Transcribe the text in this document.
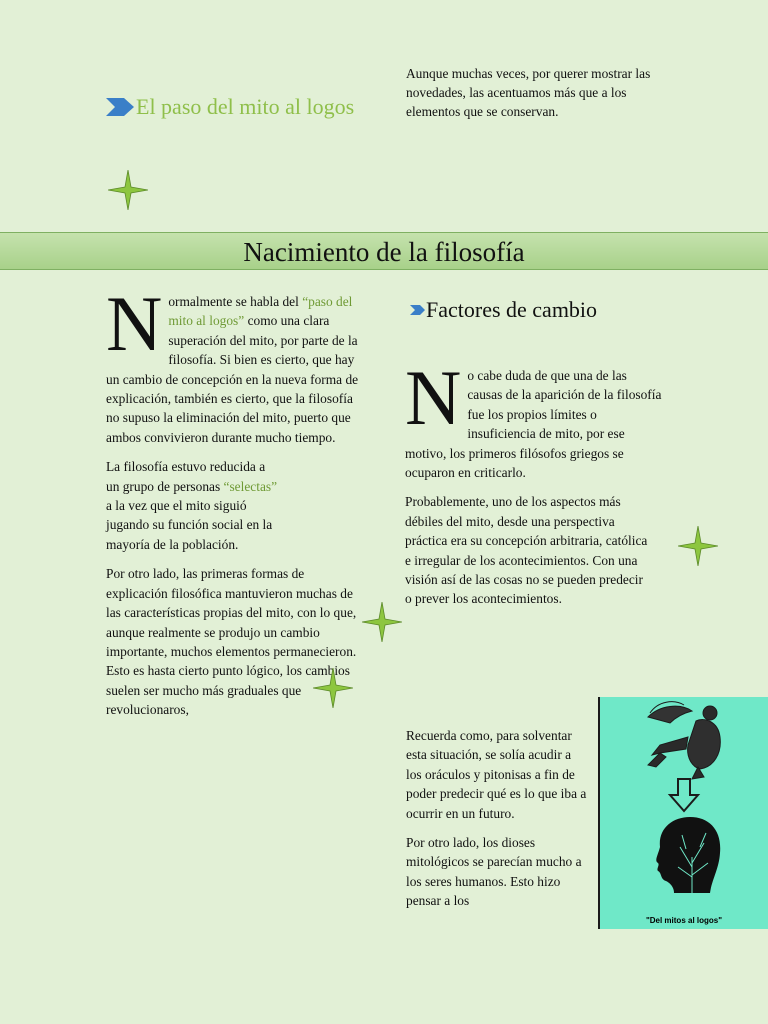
El paso del mito al logos

Aunque muchas veces, por querer mostrar las novedades, las acentuamos más que a los elementos que se conservan.

Nacimiento de la filosofía

Normalmente se habla del “paso del mito al logos” como una clara superación del mito, por parte de la filosofía. Si bien es cierto, que hay un cambio de concepción en la nueva forma de explicación, también es cierto, que la filosofía no supuso la eliminación del mito, puerto que ambos convivieron durante mucho tiempo.

La filosofía estuvo reducida a un grupo de personas “selectas” a la vez que el mito siguió jugando su función social en la mayoría de la población.

Por otro lado, las primeras formas de explicación filosófica mantuvieron muchas de las características propias del mito, con lo que, aunque realmente se produjo un cambio importante, muchos elementos permanecieron. Esto es hasta cierto punto lógico, los cambios suelen ser mucho más graduales que revolucionaros,

Factores de cambio

No cabe duda de que una de las causas de la aparición de la filosofía fue los propios límites o insuficiencia de mito, por ese motivo, los primeros filósofos griegos se ocuparon en criticarlo.

Probablemente, uno de los aspectos más débiles del mito, desde una perspectiva práctica era su concepción arbitraria, católica e irregular de los acontecimientos. Con una visión así de las cosas no se pueden predecir o prever los acontecimientos.

Recuerda como, para solventar esta situación, se solía acudir a los oráculos y pitonisas a fin de poder predecir qué es lo que iba a ocurrir en un futuro.

Por otro lado, los dioses mitológicos se parecían mucho a los seres humanos. Esto hizo pensar a los

"Del mitos al logos"
